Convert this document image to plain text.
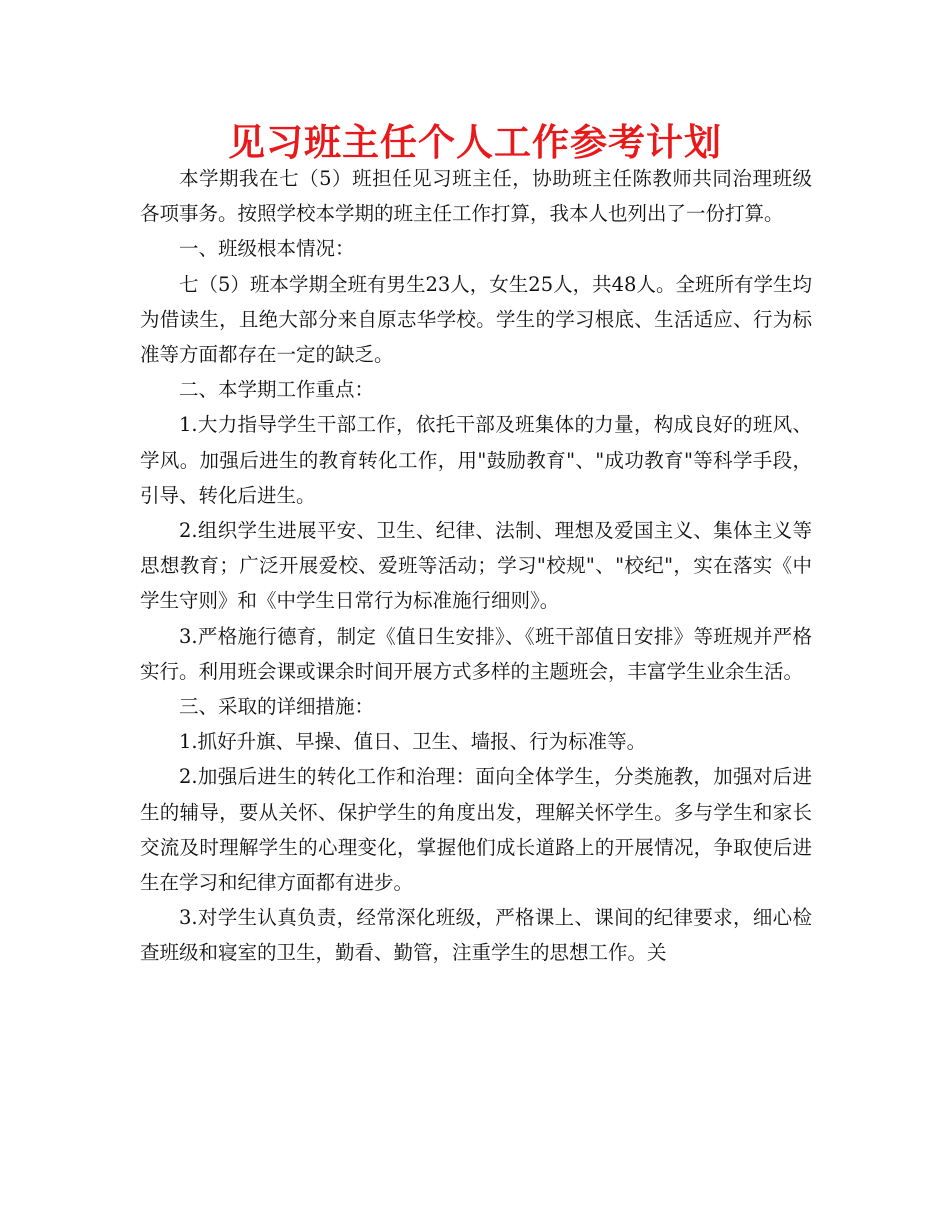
见习班主任个人工作参考计划

本学期我在七（5）班担任见习班主任，协助班主任陈教师共同治理班级各项事务。按照学校本学期的班主任工作打算，我本人也列出了一份打算。

一、班级根本情况：

七（5）班本学期全班有男生23人，女生25人，共48人。全班所有学生均为借读生，且绝大部分来自原志华学校。学生的学习根底、生活适应、行为标准等方面都存在一定的缺乏。

二、本学期工作重点：

1.大力指导学生干部工作，依托干部及班集体的力量，构成良好的班风、学风。加强后进生的教育转化工作，用"鼓励教育"、"成功教育"等科学手段，引导、转化后进生。

2.组织学生进展平安、卫生、纪律、法制、理想及爱国主义、集体主义等思想教育；广泛开展爱校、爱班等活动；学习"校规"、"校纪"，实在落实《中学生守则》和《中学生日常行为标准施行细则》。

3.严格施行德育，制定《值日生安排》、《班干部值日安排》等班规并严格实行。利用班会课或课余时间开展方式多样的主题班会，丰富学生业余生活。

三、采取的详细措施：

1.抓好升旗、早操、值日、卫生、墙报、行为标准等。

2.加强后进生的转化工作和治理：面向全体学生，分类施教，加强对后进生的辅导，要从关怀、保护学生的角度出发，理解关怀学生。多与学生和家长交流及时理解学生的心理变化，掌握他们成长道路上的开展情况，争取使后进生在学习和纪律方面都有进步。

3.对学生认真负责，经常深化班级，严格课上、课间的纪律要求，细心检查班级和寝室的卫生，勤看、勤管，注重学生的思想工作。关
